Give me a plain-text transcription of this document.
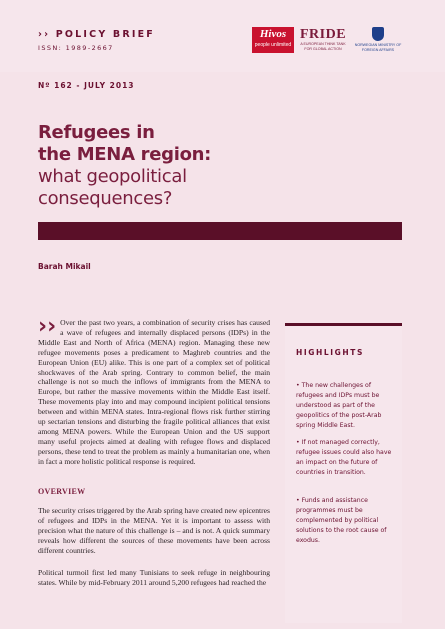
›› POLICY BRIEF
ISSN: 1989-2667
Hivos
people unlimited
FRIDE
A EUROPEAN THINK TANK FOR GLOBAL ACTION
NORWEGIAN MINISTRY OF FOREIGN AFFAIRS
Nº 162 - JULY 2013
Refugees in
the MENA region:
what geopolitical
consequences?
Barah Mikail
›› Over the past two years, a combination of security crises has caused a wave of refugees and internally displaced persons (IDPs) in the Middle East and North of Africa (MENA) region. Managing these new refugee movements poses a predicament to Maghreb countries and the European Union (EU) alike. This is one part of a complex set of political shockwaves of the Arab spring. Contrary to common belief, the main challenge is not so much the inflows of immigrants from the MENA to Europe, but rather the massive movements within the Middle East itself. These movements play into and may compound incipient political tensions between and within MENA states. Intra-regional flows risk further stirring up sectarian tensions and disturbing the fragile political alliances that exist among MENA powers. While the European Union and the US support many useful projects aimed at dealing with refugee flows and displaced persons, these tend to treat the problem as mainly a humanitarian one, when in fact a more holistic political response is required.
OVERVIEW

The security crises triggered by the Arab spring have created new epicentres of refugees and IDPs in the MENA. Yet it is important to assess with precision what the nature of this challenge is – and is not. A quick summary reveals how different the sources of these movements have been across different countries.

Political turmoil first led many Tunisians to seek refuge in neighbouring states. While by mid-February 2011 around 5,200 refugees had reached the

HIGHLIGHTS
• The new challenges of refugees and IDPs must be understood as part of the geopolitics of the post-Arab spring Middle East.
• If not managed correctly, refugee issues could also have an impact on the future of countries in transition.
• Funds and assistance programmes must be complemented by political solutions to the root cause of exodus.
